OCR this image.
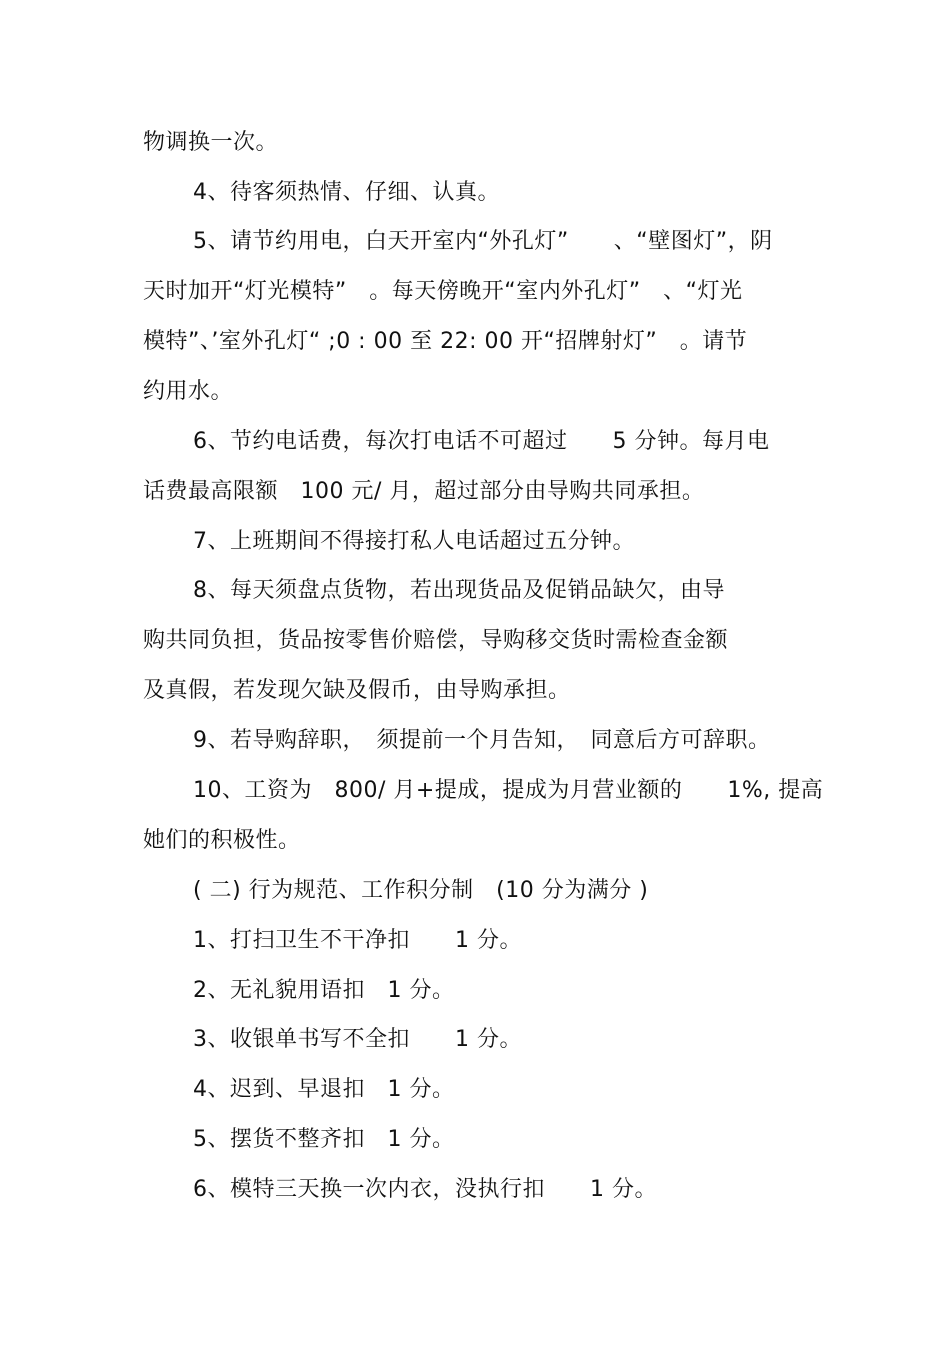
物调换一次。
4、待客须热情、仔细、认真。
5、请节约用电，白天开室内“外孔灯”　　、“壁图灯”，阴
天时加开“灯光模特”　。每天傍晚开“室内外孔灯”　、“灯光
模特”、’室外孔灯“ ;0 : 00 至 22: 00 开“招牌射灯”　。请节
约用水。
6、节约电话费，每次打电话不可超过　　5 分钟。每月电
话费最高限额　100 元/ 月，超过部分由导购共同承担。
7、上班期间不得接打私人电话超过五分钟。
8、每天须盘点货物，若出现货品及促销品缺欠，由导
购共同负担，货品按零售价赔偿，导购移交货时需检查金额
及真假，若发现欠缺及假币，由导购承担。
9、若导购辞职，　须提前一个月告知，　同意后方可辞职。
10、工资为　800/ 月+提成，提成为月营业额的　　1%, 提高
她们的积极性。
( 二) 行为规范、工作积分制　(10 分为满分 )
1、打扫卫生不干净扣　　1 分。
2、无礼貌用语扣　1 分。
3、收银单书写不全扣　　1 分。
4、迟到、早退扣　1 分。
5、摆货不整齐扣　1 分。
6、模特三天换一次内衣，没执行扣　　1 分。
